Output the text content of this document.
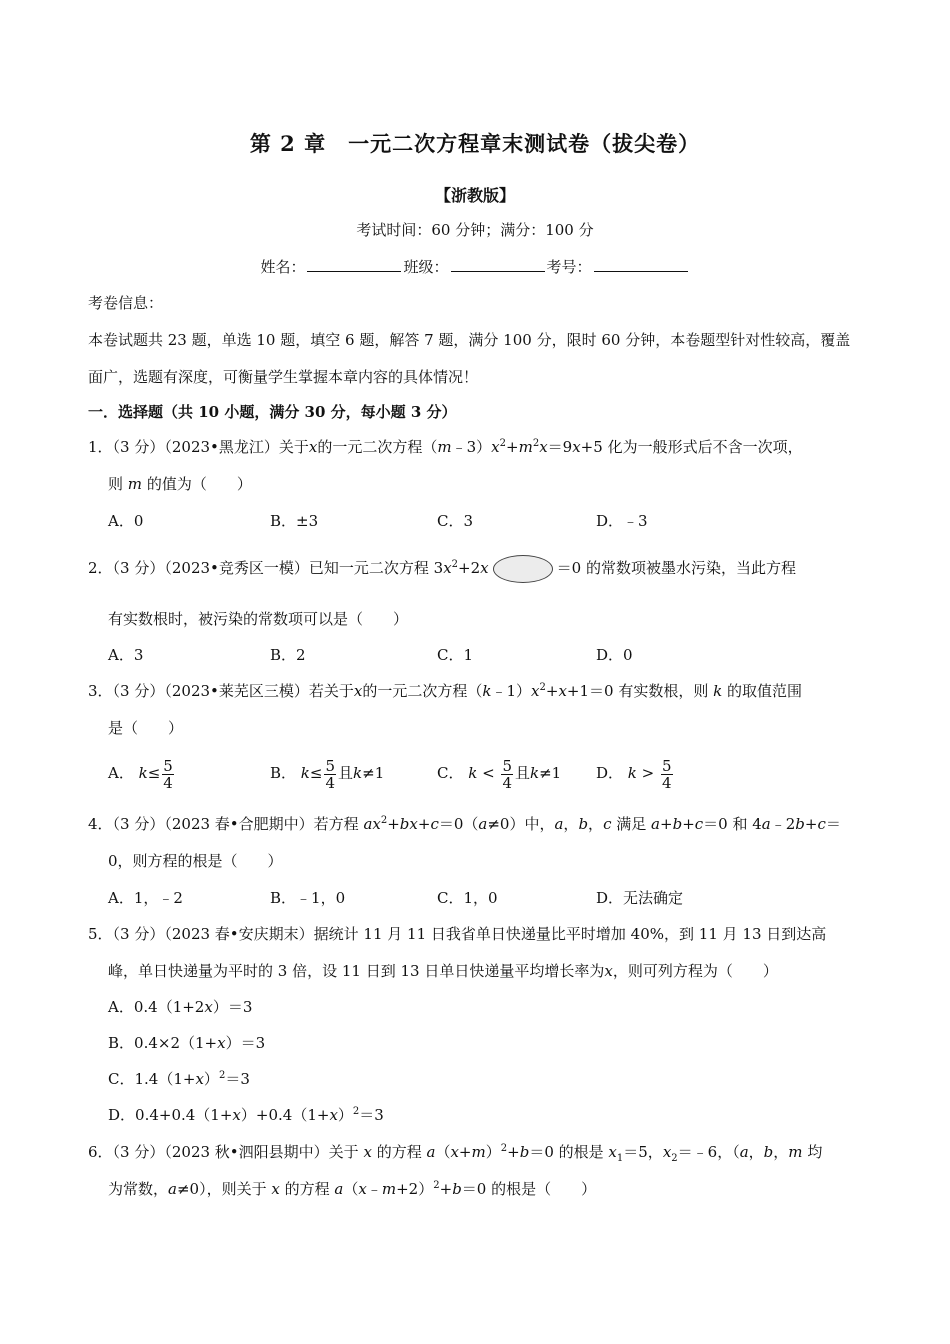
第 2 章　一元二次方程章末测试卷（拔尖卷）
【浙教版】
考试时间：60 分钟；满分：100 分
姓名：	班级：	考号：
考卷信息：
本卷试题共 23 题，单选 10 题，填空 6 题，解答 7 题，满分 100 分，限时 60 分钟，本卷题型针对性较高，覆盖
面广，选题有深度，可衡量学生掌握本章内容的具体情况！
一．选择题（共 10 小题，满分 30 分，每小题 3 分）
1．（3 分）（2023•黑龙江）关于x的一元二次方程$(m﹣3)x^2+m^2x=9x+5$ 化为一般形式后不含一次项，
则 m 的值为（　　）
A．0	B．±3	C．3	D．﹣3
2．（3 分）（2023•竞秀区一模）已知一元二次方程 $3x^2+2x$	＝0 的常数项被墨水污染，当此方程
有实数根时，被污染的常数项可以是（　　）
A．3	B．2	C．1	D．0
3．（3 分）（2023•莱芜区三模）若关于x的一元二次方程$(k﹣1)x^2+x+1=0$ 有实数根，则 k 的取值范围
是（　　）
A． $k\le \frac{5}{4}$	B． $k\le \frac{5}{4}$ 且k≠1	C． $k < \frac{5}{4}$ 且k≠1 D． $k > \frac{5}{4}$
4．（3 分）（2023 春•合肥期中）若方程 $ax^2+bx+c=0(a\ne 0)$中，a，b，c 满足 a+b+c＝0 和 4a﹣2b+c＝
0，则方程的根是（　　）
A．1，﹣2	B．﹣1，0	C．1，0	D．无法确定
5．（3 分）（2023 春•安庆期末）据统计 11 月 11 日我省单日快递量比平时增加 40%，到 11 月 13 日到达高
峰，单日快递量为平时的 3 倍，设 11 日到 13 日单日快递量平均增长率为x，则可列方程为（　　）
A．0.4（1+2x）＝3
B．0.4×2（1+x）＝3
C．$1.4(1+x)^2=3$
D．$0.4+0.4(1+x)+0.4(1+x)^2=3$
6．（3 分）（2023 秋•泗阳县期中）关于 x 的方程 $a(x+m)^2+b=0$ 的根是 $x_1=5$，$x_2=﹣6$，（a，b，m 均
为常数，a≠0），则关于 x 的方程 a（x﹣m+2）$^2$+b＝0 的根是（　　）
